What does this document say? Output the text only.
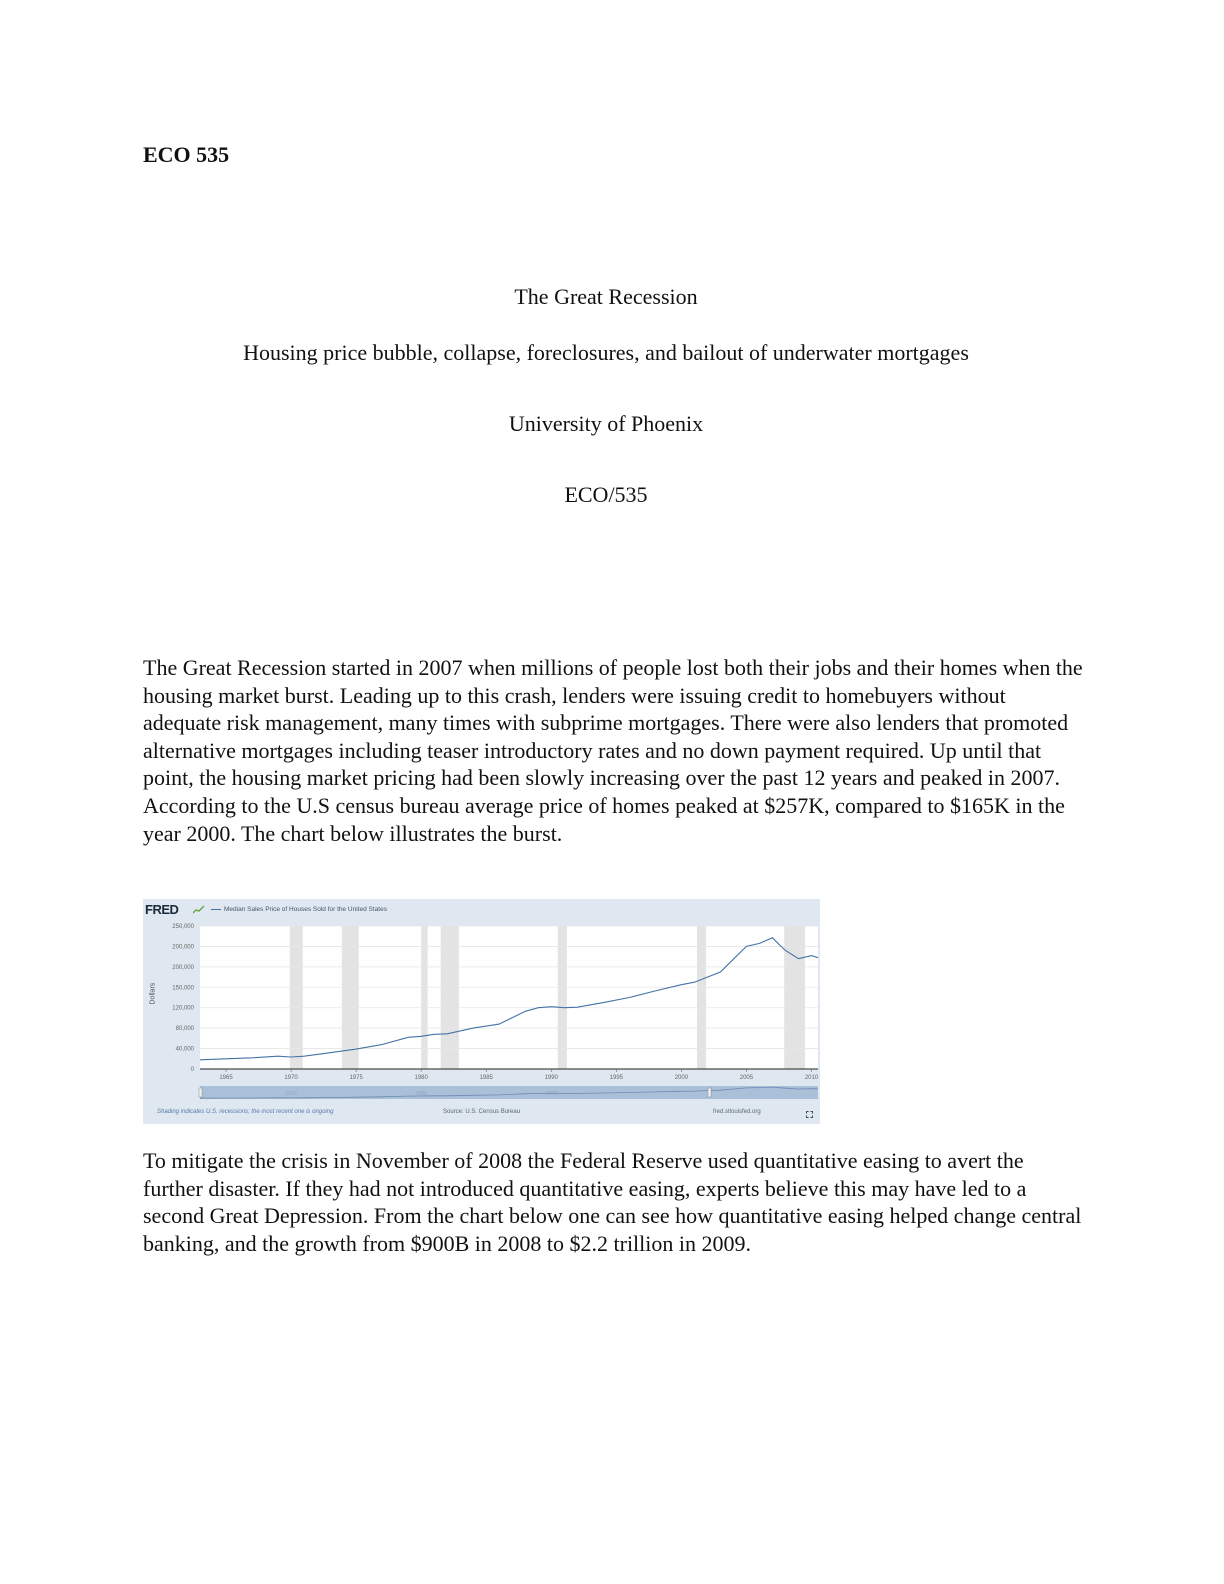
ECO 535
The Great Recession
Housing price bubble, collapse, foreclosures, and bailout of underwater mortgages
University of Phoenix
ECO/535

The Great Recession started in 2007 when millions of people lost both their jobs and their homes when the housing market burst. Leading up to this crash, lenders were issuing credit to homebuyers without adequate risk management, many times with subprime mortgages. There were also lenders that promoted alternative mortgages including teaser introductory rates and no down payment required. Up until that point, the housing market pricing had been slowly increasing over the past 12 years and peaked in 2007. According to the U.S census bureau average price of homes peaked at $257K, compared to $165K in the year 2000. The chart below illustrates the burst.

FRED	Median Sales Price of Houses Sold for the United States
Dollars
250,000
200,000
200,000
150,000
120,000
80,000
40,000
0
1965	1970	1975	1980	1985	1990	1995	2000	2005	2010
1970	1980	1990
Shading indicates U.S. recessions; the most recent one is ongoing	Source: U.S. Census Bureau	fred.stlouisfed.org

To mitigate the crisis in November of 2008 the Federal Reserve used quantitative easing to avert the further disaster. If they had not introduced quantitative easing, experts believe this may have led to a second Great Depression. From the chart below one can see how quantitative easing helped change central banking, and the growth from $900B in 2008 to $2.2 trillion in 2009.
